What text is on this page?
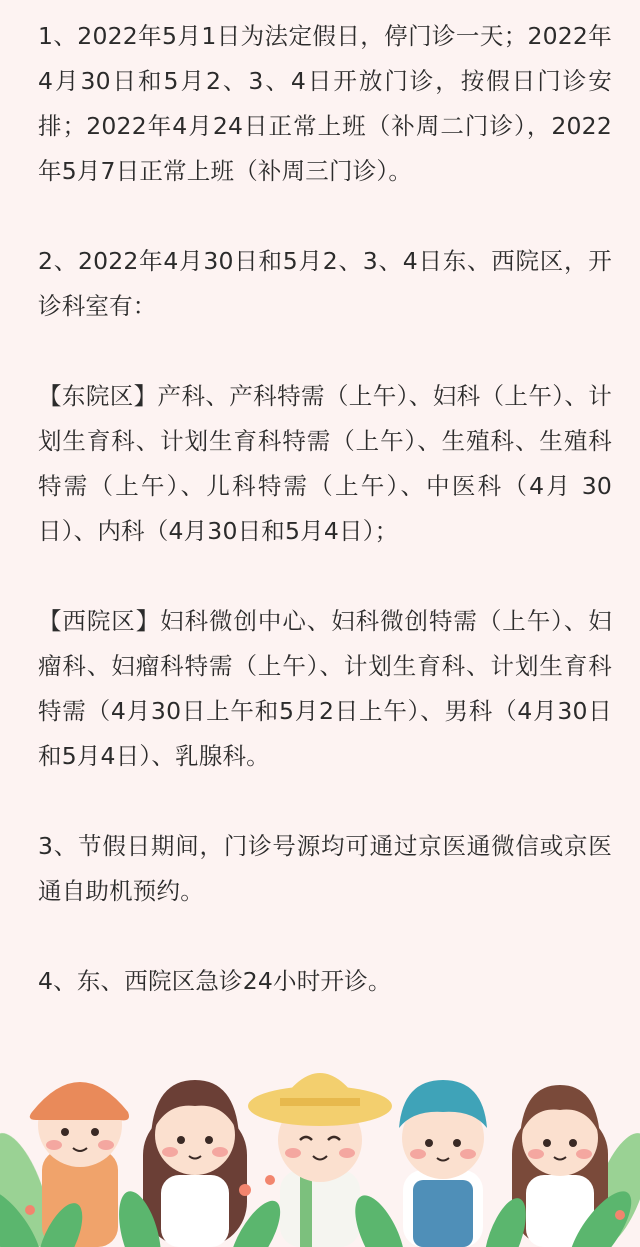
1、2022年5月1日为法定假日，停门诊一天；2022年4月30日和5月2、3、4日开放门诊，按假日门诊安排；2022年4月24日正常上班（补周二门诊），2022年5月7日正常上班（补周三门诊）。

2、2022年4月30日和5月2、3、4日东、西院区，开诊科室有：

【东院区】产科、产科特需（上午）、妇科（上午）、计划生育科、计划生育科特需（上午）、生殖科、生殖科特需（上午）、儿科特需（上午）、中医科（4月 30日）、内科（4月30日和5月4日）；

【西院区】妇科微创中心、妇科微创特需（上午）、妇瘤科、妇瘤科特需（上午）、计划生育科、计划生育科特需（4月30日上午和5月2日上午）、男科（4月30日和5月4日）、乳腺科。

3、节假日期间，门诊号源均可通过京医通微信或京医通自助机预约。

4、东、西院区急诊24小时开诊。
